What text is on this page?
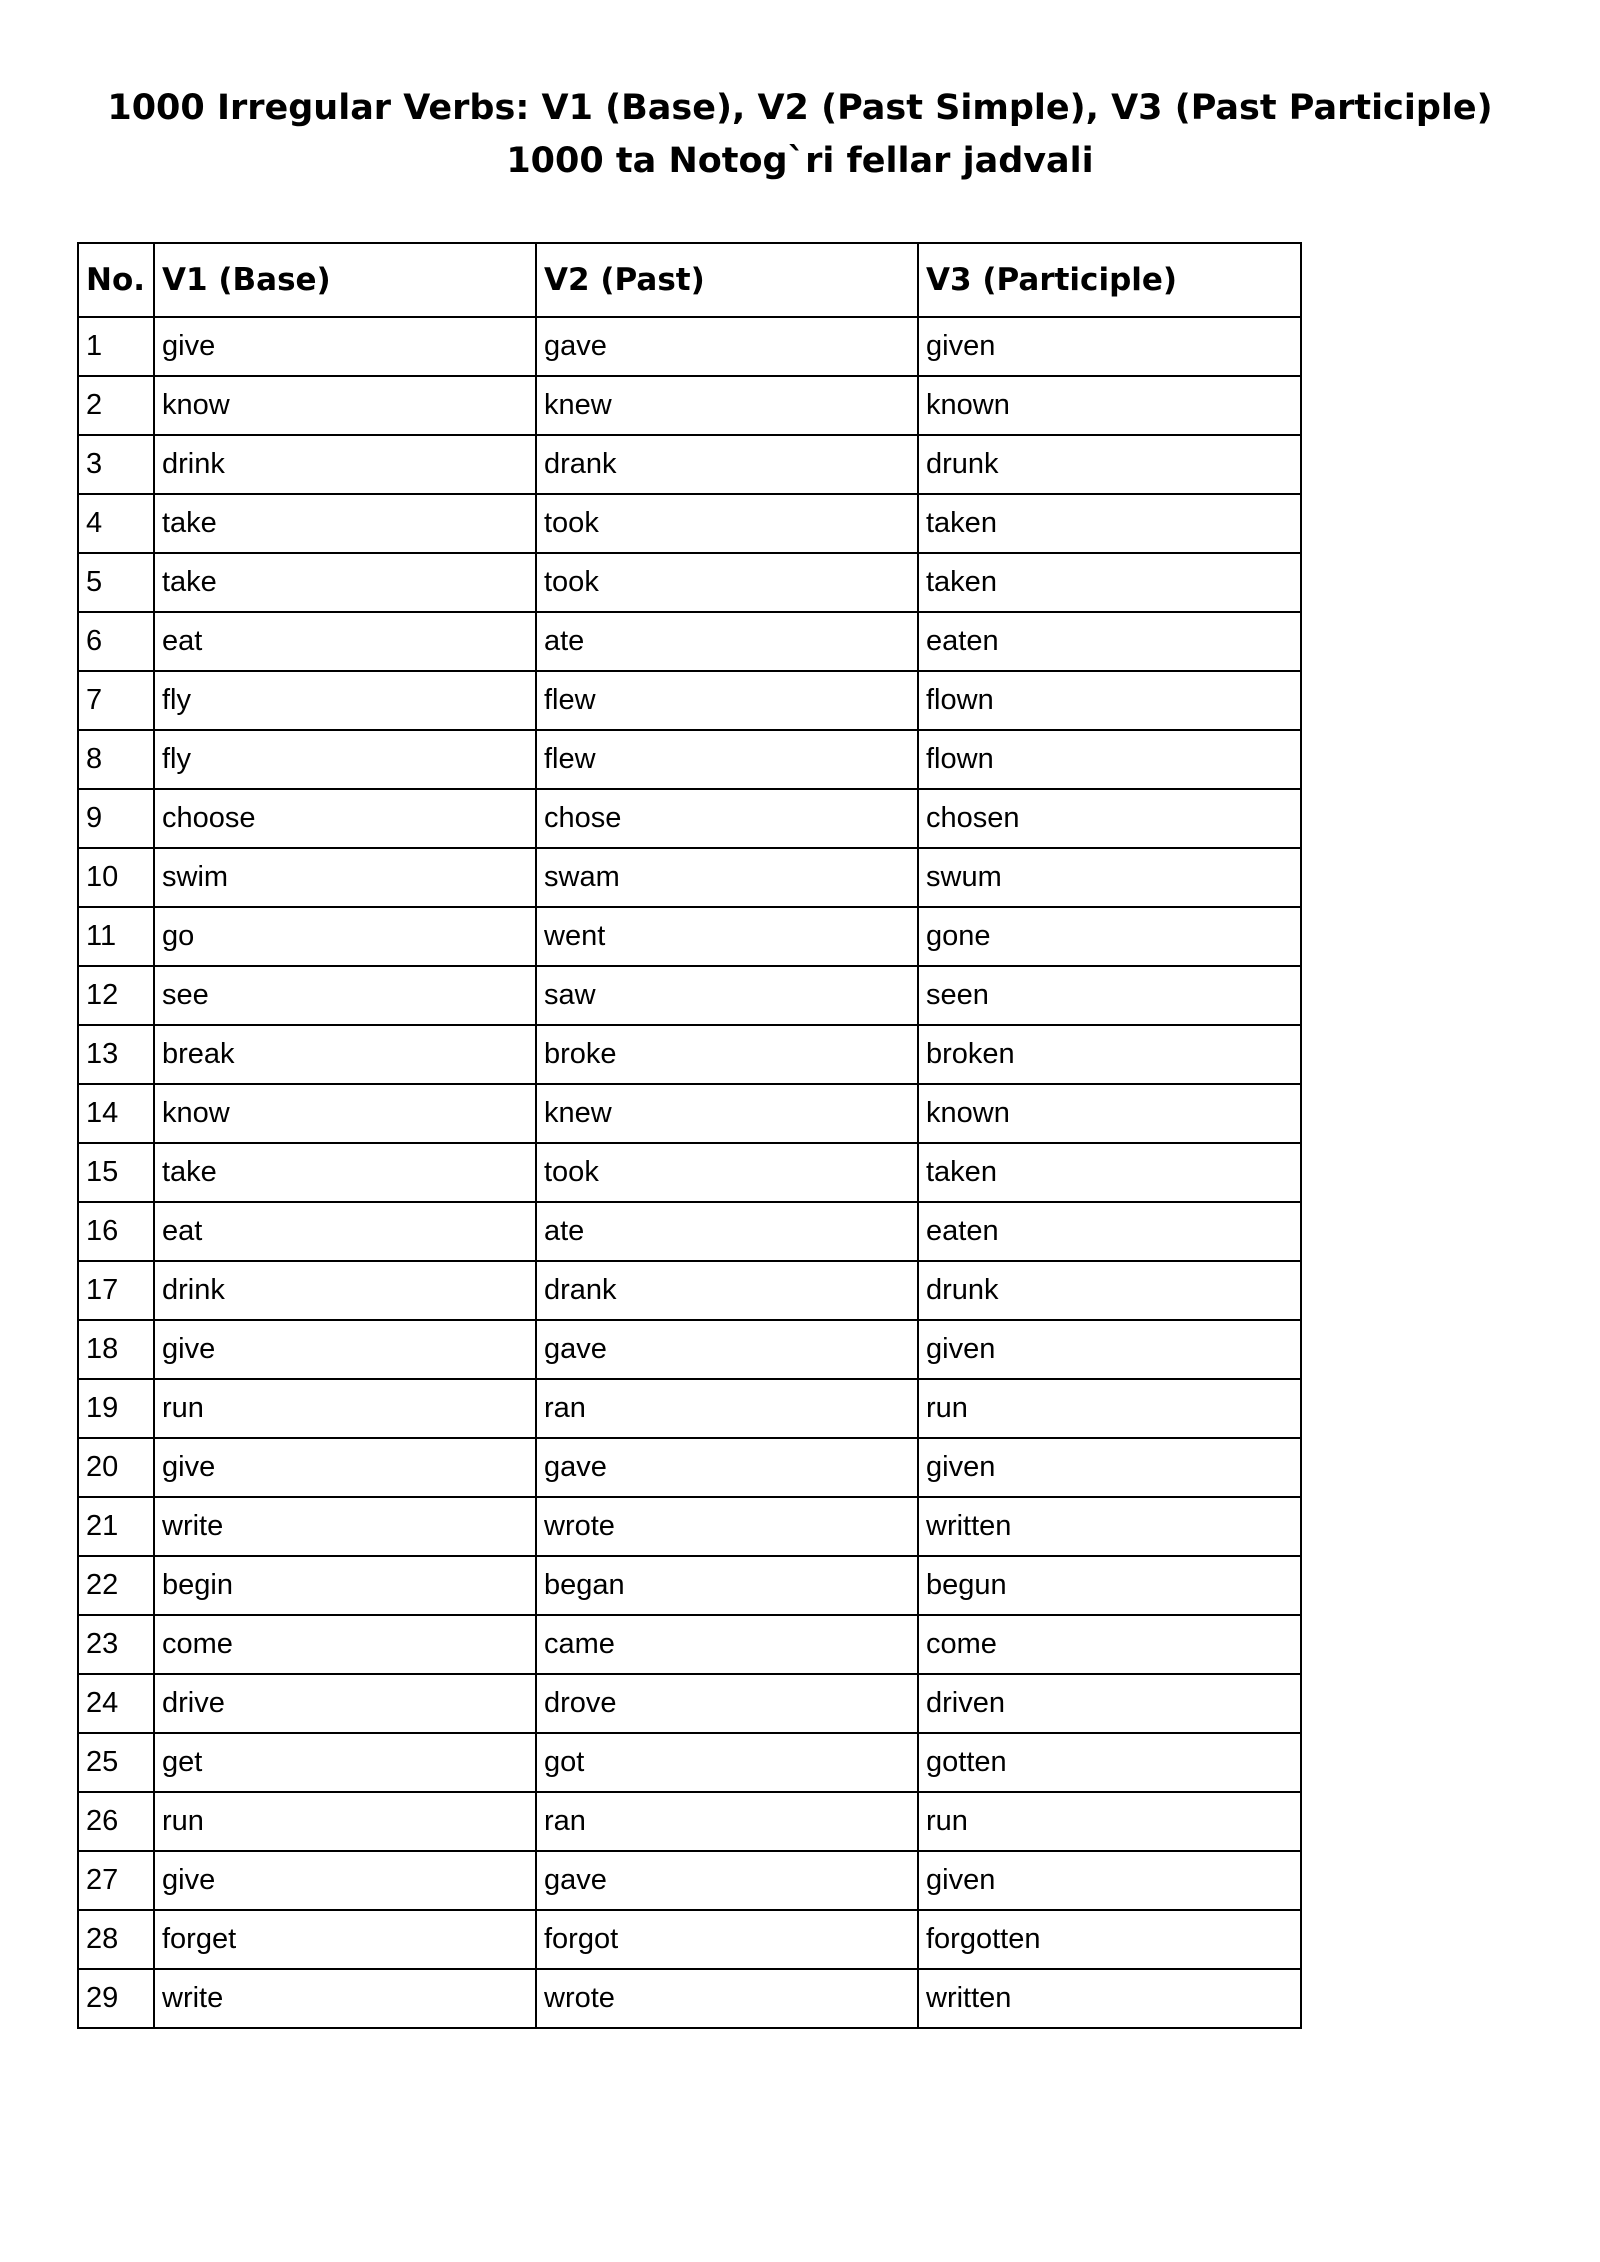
1000 Irregular Verbs: V1 (Base), V2 (Past Simple), V3 (Past Participle)
1000 ta Notog`ri fellar jadvali
No.	V1 (Base)	V2 (Past)	V3 (Participle)
1	give	gave	given
2	know	knew	known
3	drink	drank	drunk
4	take	took	taken
5	take	took	taken
6	eat	ate	eaten
7	fly	flew	flown
8	fly	flew	flown
9	choose	chose	chosen
10	swim	swam	swum
11	go	went	gone
12	see	saw	seen
13	break	broke	broken
14	know	knew	known
15	take	took	taken
16	eat	ate	eaten
17	drink	drank	drunk
18	give	gave	given
19	run	ran	run
20	give	gave	given
21	write	wrote	written
22	begin	began	begun
23	come	came	come
24	drive	drove	driven
25	get	got	gotten
26	run	ran	run
27	give	gave	given
28	forget	forgot	forgotten
29	write	wrote	written
